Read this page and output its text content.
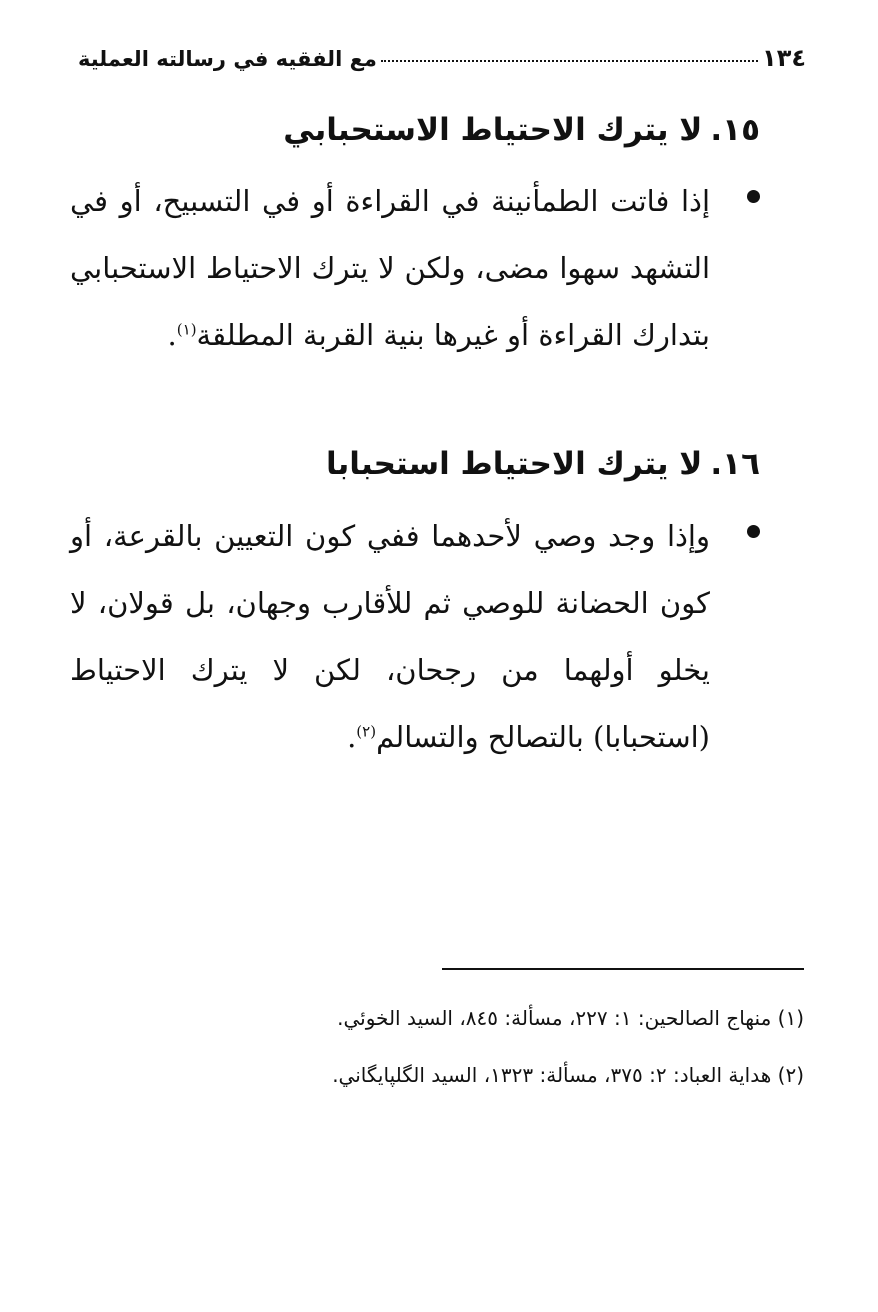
١٣٤
مع الفقيه في رسالته العملية
١٥.لا يترك الاحتياط الاستحبابي

إذا فاتت الطمأنينة في القراءة أو في التسبيح، أو في التشهد سهوا مضى، ولكن لا يترك الاحتياط الاستحبابي بتدارك القراءة أو غيرها بنية القربة المطلقة$^{(١)}$.

١٦.لا يترك الاحتياط استحبابا

وإذا وجد وصي لأحدهما ففي كون التعيين بالقرعة، أو كون الحضانة للوصي ثم للأقارب وجهان، بل قولان، لا يخلو أولهما من رجحان، لكن لا يترك الاحتياط (استحبابا) بالتصالح والتسالم$^{(٢)}$.

(١) منهاج الصالحين: ١: ٢٢٧، مسألة: ٨٤٥، السيد الخوئي.

(٢) هداية العباد: ٢: ٣٧٥، مسألة: ١٣٢٣، السيد الگلپايگاني.
